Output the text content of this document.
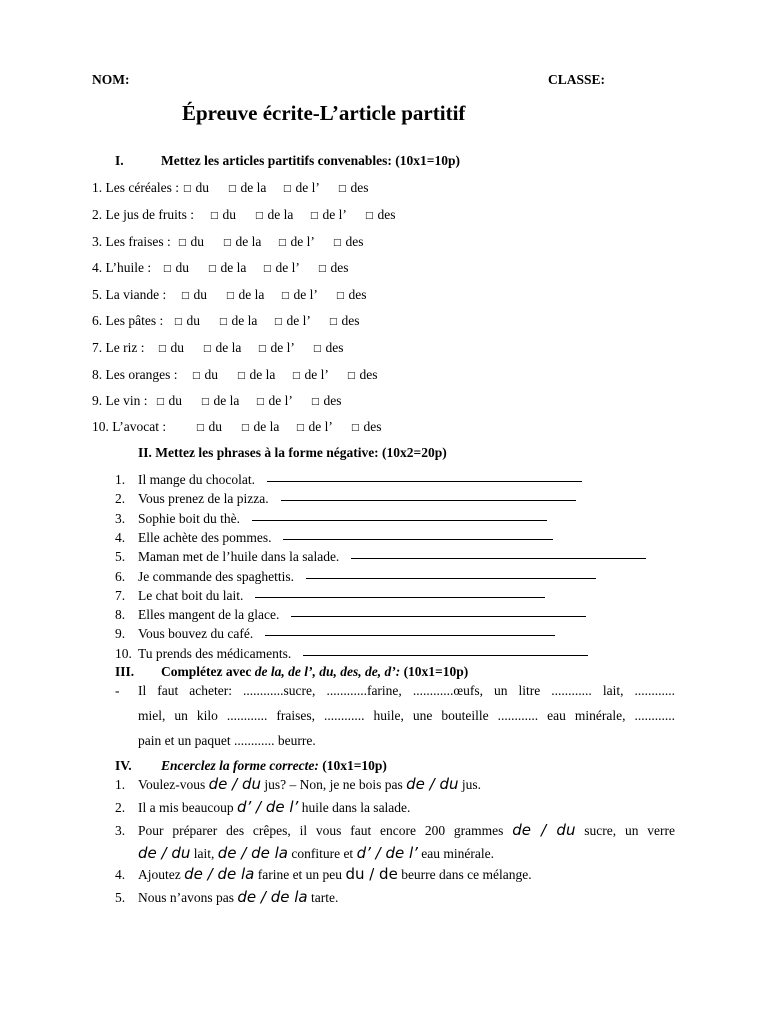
NOM:	CLASSE:
Épreuve écrite-L’article partitif
I.	Mettez les articles partitifs convenables: (10x1=10p)
1. Les céréales : □ du □ de la □ de l’ □ des
2. Le jus de fruits : □ du □ de la □ de l’ □ des
3. Les fraises : □ du □ de la □ de l’ □ des
4. L’huile : □ du □ de la □ de l’ □ des
5. La viande : □ du □ de la □ de l’ □ des
6. Les pâtes : □ du □ de la □ de l’ □ des
7. Le riz : □ du □ de la □ de l’ □ des
8. Les oranges : □ du □ de la □ de l’ □ des
9. Le vin : □ du □ de la □ de l’ □ des
10. L’avocat :	□ du □ de la □ de l’ □ des
II. Mettez les phrases à la forme négative: (10x2=20p)
1. Il mange du chocolat.
2. Vous prenez de la pizza.
3. Sophie boit du thè.
4. Elle achète des pommes.
5. Maman met de l’huile dans la salade.
6. Je commande des spaghettis.
7. Le chat boit du lait.
8. Elles mangent de la glace.
9. Vous bouvez du café.
10. Tu prends des médicaments.
III. Complétez avec de la, de l’, du, des, de, d’: (10x1=10p)
- Il faut acheter: ............sucre, ............farine, ............œufs, un litre ............ lait, ............
miel, un kilo ............ fraises, ............ huile, une bouteille ............ eau minérale, ............
pain et un paquet ............ beurre.
IV. Encerclez la forme correcte: (10x1=10p)
1. Voulez-vous de / du jus? – Non, je ne bois pas de / du jus.
2. Il a mis beaucoup d’ / de l’ huile dans la salade.
3. Pour préparer des crêpes, il vous faut encore 200 grammes de / du sucre, un verre
de / du lait, de / de la confiture et d’ / de l’ eau minérale.
4. Ajoutez de / de la farine et un peu du / de beurre dans ce mélange.
5. Nous n’avons pas de / de la tarte.
